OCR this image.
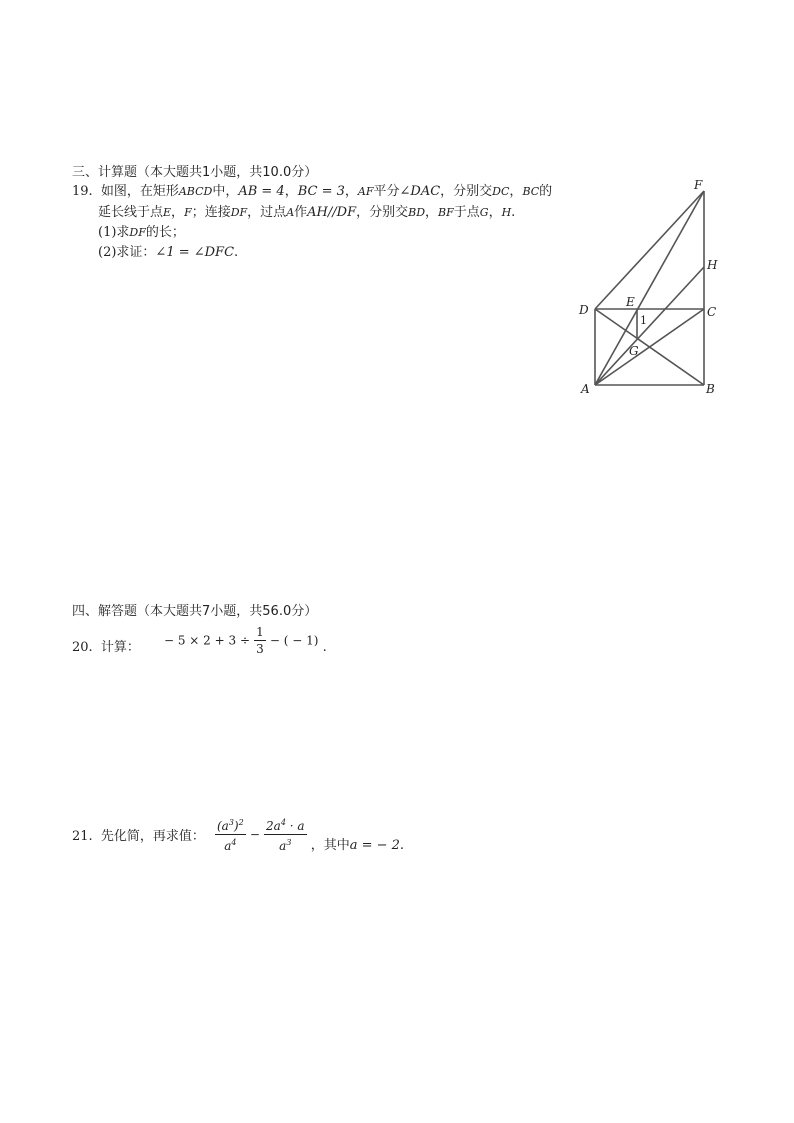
三、计算题（本大题共1小题，共10.0分）
19. 如图，在矩形ABCD中，AB = 4，BC = 3，AF平分∠DAC，分别交DC，BC的
延长线于点E，F；连接DF，过点A作AH//DF，分别交BD，BF于点G，H.
(1)求DF的长；
(2)求证：∠1 = ∠DFC.
F
H
D
E
C
1
G
A	B
四、解答题（本大题共7小题，共56.0分）
20. 计算： − $5 \times 2 + 3 \div \frac{1}{3}$ − ( − 1) .
21. 先化简，再求值： $\frac{(a^3)^2}{a^4} - \frac{2a^4 \cdot a}{a^3}$ ，其中a = − 2.
